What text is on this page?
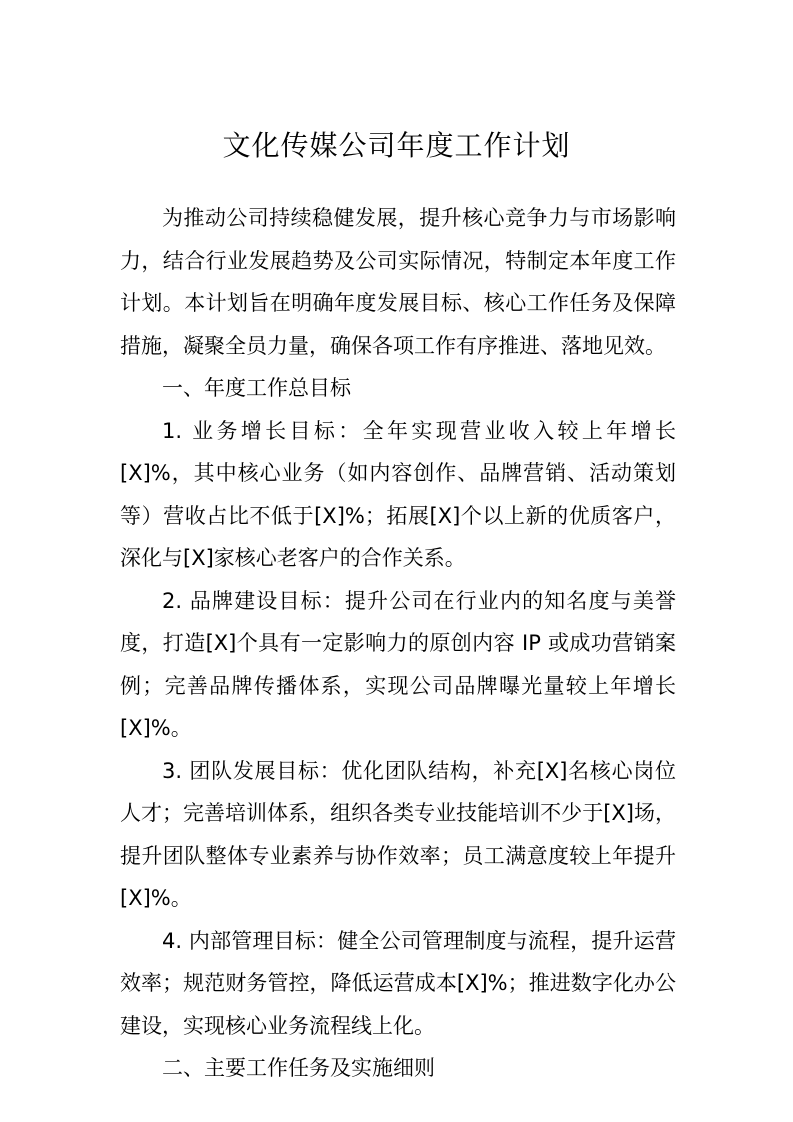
文化传媒公司年度工作计划

为推动公司持续稳健发展，提升核心竞争力与市场影响力，结合行业发展趋势及公司实际情况，特制定本年度工作计划。本计划旨在明确年度发展目标、核心工作任务及保障措施，凝聚全员力量，确保各项工作有序推进、落地见效。

一、年度工作总目标

1. 业务增长目标：全年实现营业收入较上年增长[X]%，其中核心业务（如内容创作、品牌营销、活动策划等）营收占比不低于[X]%；拓展[X]个以上新的优质客户，深化与[X]家核心老客户的合作关系。

2. 品牌建设目标：提升公司在行业内的知名度与美誉度，打造[X]个具有一定影响力的原创内容 IP 或成功营销案例；完善品牌传播体系，实现公司品牌曝光量较上年增长[X]%。

3. 团队发展目标：优化团队结构，补充[X]名核心岗位人才；完善培训体系，组织各类专业技能培训不少于[X]场，提升团队整体专业素养与协作效率；员工满意度较上年提升[X]%。

4. 内部管理目标：健全公司管理制度与流程，提升运营效率；规范财务管控，降低运营成本[X]%；推进数字化办公建设，实现核心业务流程线上化。

二、主要工作任务及实施细则
